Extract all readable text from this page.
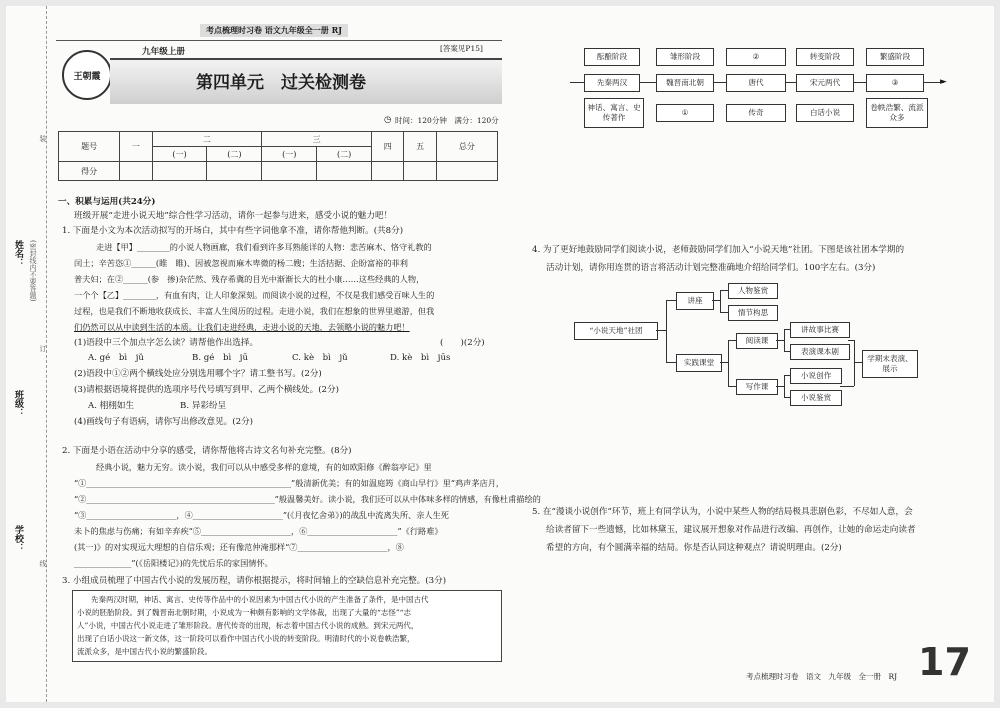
姓名： (密封线内不要答题)
班级：
学校：
装
订
线
考点梳理时习卷 语文九年级全一册 RJ
王朝霞
九年级上册	[答案见P15]
第四单元　过关检测卷
◷ 时间：120分钟　满分：120分
题号	一	二		三		四	五	总分
		(一)	(二)	(一)	(二)			
得分								
一、积累与运用(共24分)
班级开展“走进小说天地”综合性学习活动，请你一起参与进来，感受小说的魅力吧！
1. 下面是小文为本次活动拟写的开场白，其中有些字词他拿不准，请你帮他判断。(共8分)
走进【甲】________的小说人物画廊，我们看到许多耳熟能详的人物：悲苦麻木、恪守礼教的
闰土；辛苦恣①______(睢　睢)、因被忽视而麻木卑微的杨二嫂；生活拮据、企盼富裕的菲利
普夫妇；在②______(参　掺)杂茫然、残存希冀的目光中渐渐长大的杜小康……这些经典的人物，
一个个【乙】________，有血有肉，让人印象深刻。而阅读小说的过程，不仅是我们感受百味人生的
过程，也是我们不断地收获成长、丰富人生阅历的过程。走进小说，我们在想象的世界里遨游，但我
们仍然可以从中读到生活的本质。让我们走进经典，走进小说的天地，去领略小说的魅力吧！
(1)语段中三个加点字怎么读？请帮他作出选择。	(　　)(2分)
A. gé　bì　jǔ	B. gé　bì　jū	C. kè　bì　jǔ	D. kè　bì　jūs
(2)语段中①②两个横线处应分别选用哪个字？请工整书写。(2分)
(3)请根据语境将提供的选项序号代号填写到甲、乙两个横线处。(2分)
A. 栩栩如生	B. 异彩纷呈
(4)画线句子有语病，请你写出修改意见。(2分)
2. 下面是小语在活动中分享的感受，请你帮他将古诗文名句补充完整。(8分)
经典小说，魅力无穷。读小说，我们可以从中感受多样的意境，有的如欧阳修《醉翁亭记》里
“①__________________________________________________”般清新优美；有的如温庭筠《商山早行》里“鸡声茅店月，
“②______________________________________________”般温馨美好。读小说，我们还可以从中体味多样的情感，有像杜甫描绘的
“③______________________，④______________________”(《月夜忆舍弟》)的战乱中流离失所、亲人生死
未卜的焦虑与伤痛；有如辛弃疾“⑤______________________，⑥______________________”《行路难》
(其一)》的对实现远大理想的自信乐观；还有像范仲淹那样“⑦______________________，⑧
______________”(《岳阳楼记》)的先忧后乐的家国情怀。
3. 小组成员梳理了中国古代小说的发展历程，请你根据提示，将时间轴上的空缺信息补充完整。(3分)
先秦两汉时期，神话、寓言、史传等作品中的小说因素为中国古代小说的产生准备了条件，是中国古代
小说的胚胎阶段。到了魏晋南北朝时期，小说成为一种颇有影响的文学体裁，出现了大量的“志怪”“志
人”小说，中国古代小说走进了雏形阶段。唐代传奇的出现，标志着中国古代小说的成熟。到宋元两代，
出现了白话小说这一新文体，这一阶段可以看作中国古代小说的转变阶段。明清时代的小说卷帙浩繁，
流派众多，是中国古代小说的繁盛阶段。
酝酿阶段	雏形阶段	②	转变阶段	繁盛阶段
►
先秦两汉	魏晋南北朝	唐代	宋元两代	③
神话、寓言、史传著作
①	传奇	白话小说
卷帙浩繁、流派众多
4. 为了更好地鼓励同学们阅读小说，老师鼓励同学们加入“小说天地”社团。下图是该社团本学期的
活动计划，请你用连贯的语言将活动计划完整准确地介绍给同学们。100字左右。(3分)
“小说天地”社团
讲座
人物鉴赏
情节构思
实践课堂
阅读课
写作课
讲故事比赛
表演课本剧
小说创作
小说鉴赏
学期末表演、展示
5. 在“漫谈小说创作”环节，班上有同学认为，小说中某些人物的结局极具悲剧色彩，不尽如人意，会
给读者留下一些遗憾，比如林黛玉，建议展开想象对作品进行改编、再创作，让她的命运走向读者
希望的方向，有个圆满幸福的结局。你是否认同这种观点？请说明理由。(2分)
考点梳理时习卷　语文　九年级　全一册　RJ 17
